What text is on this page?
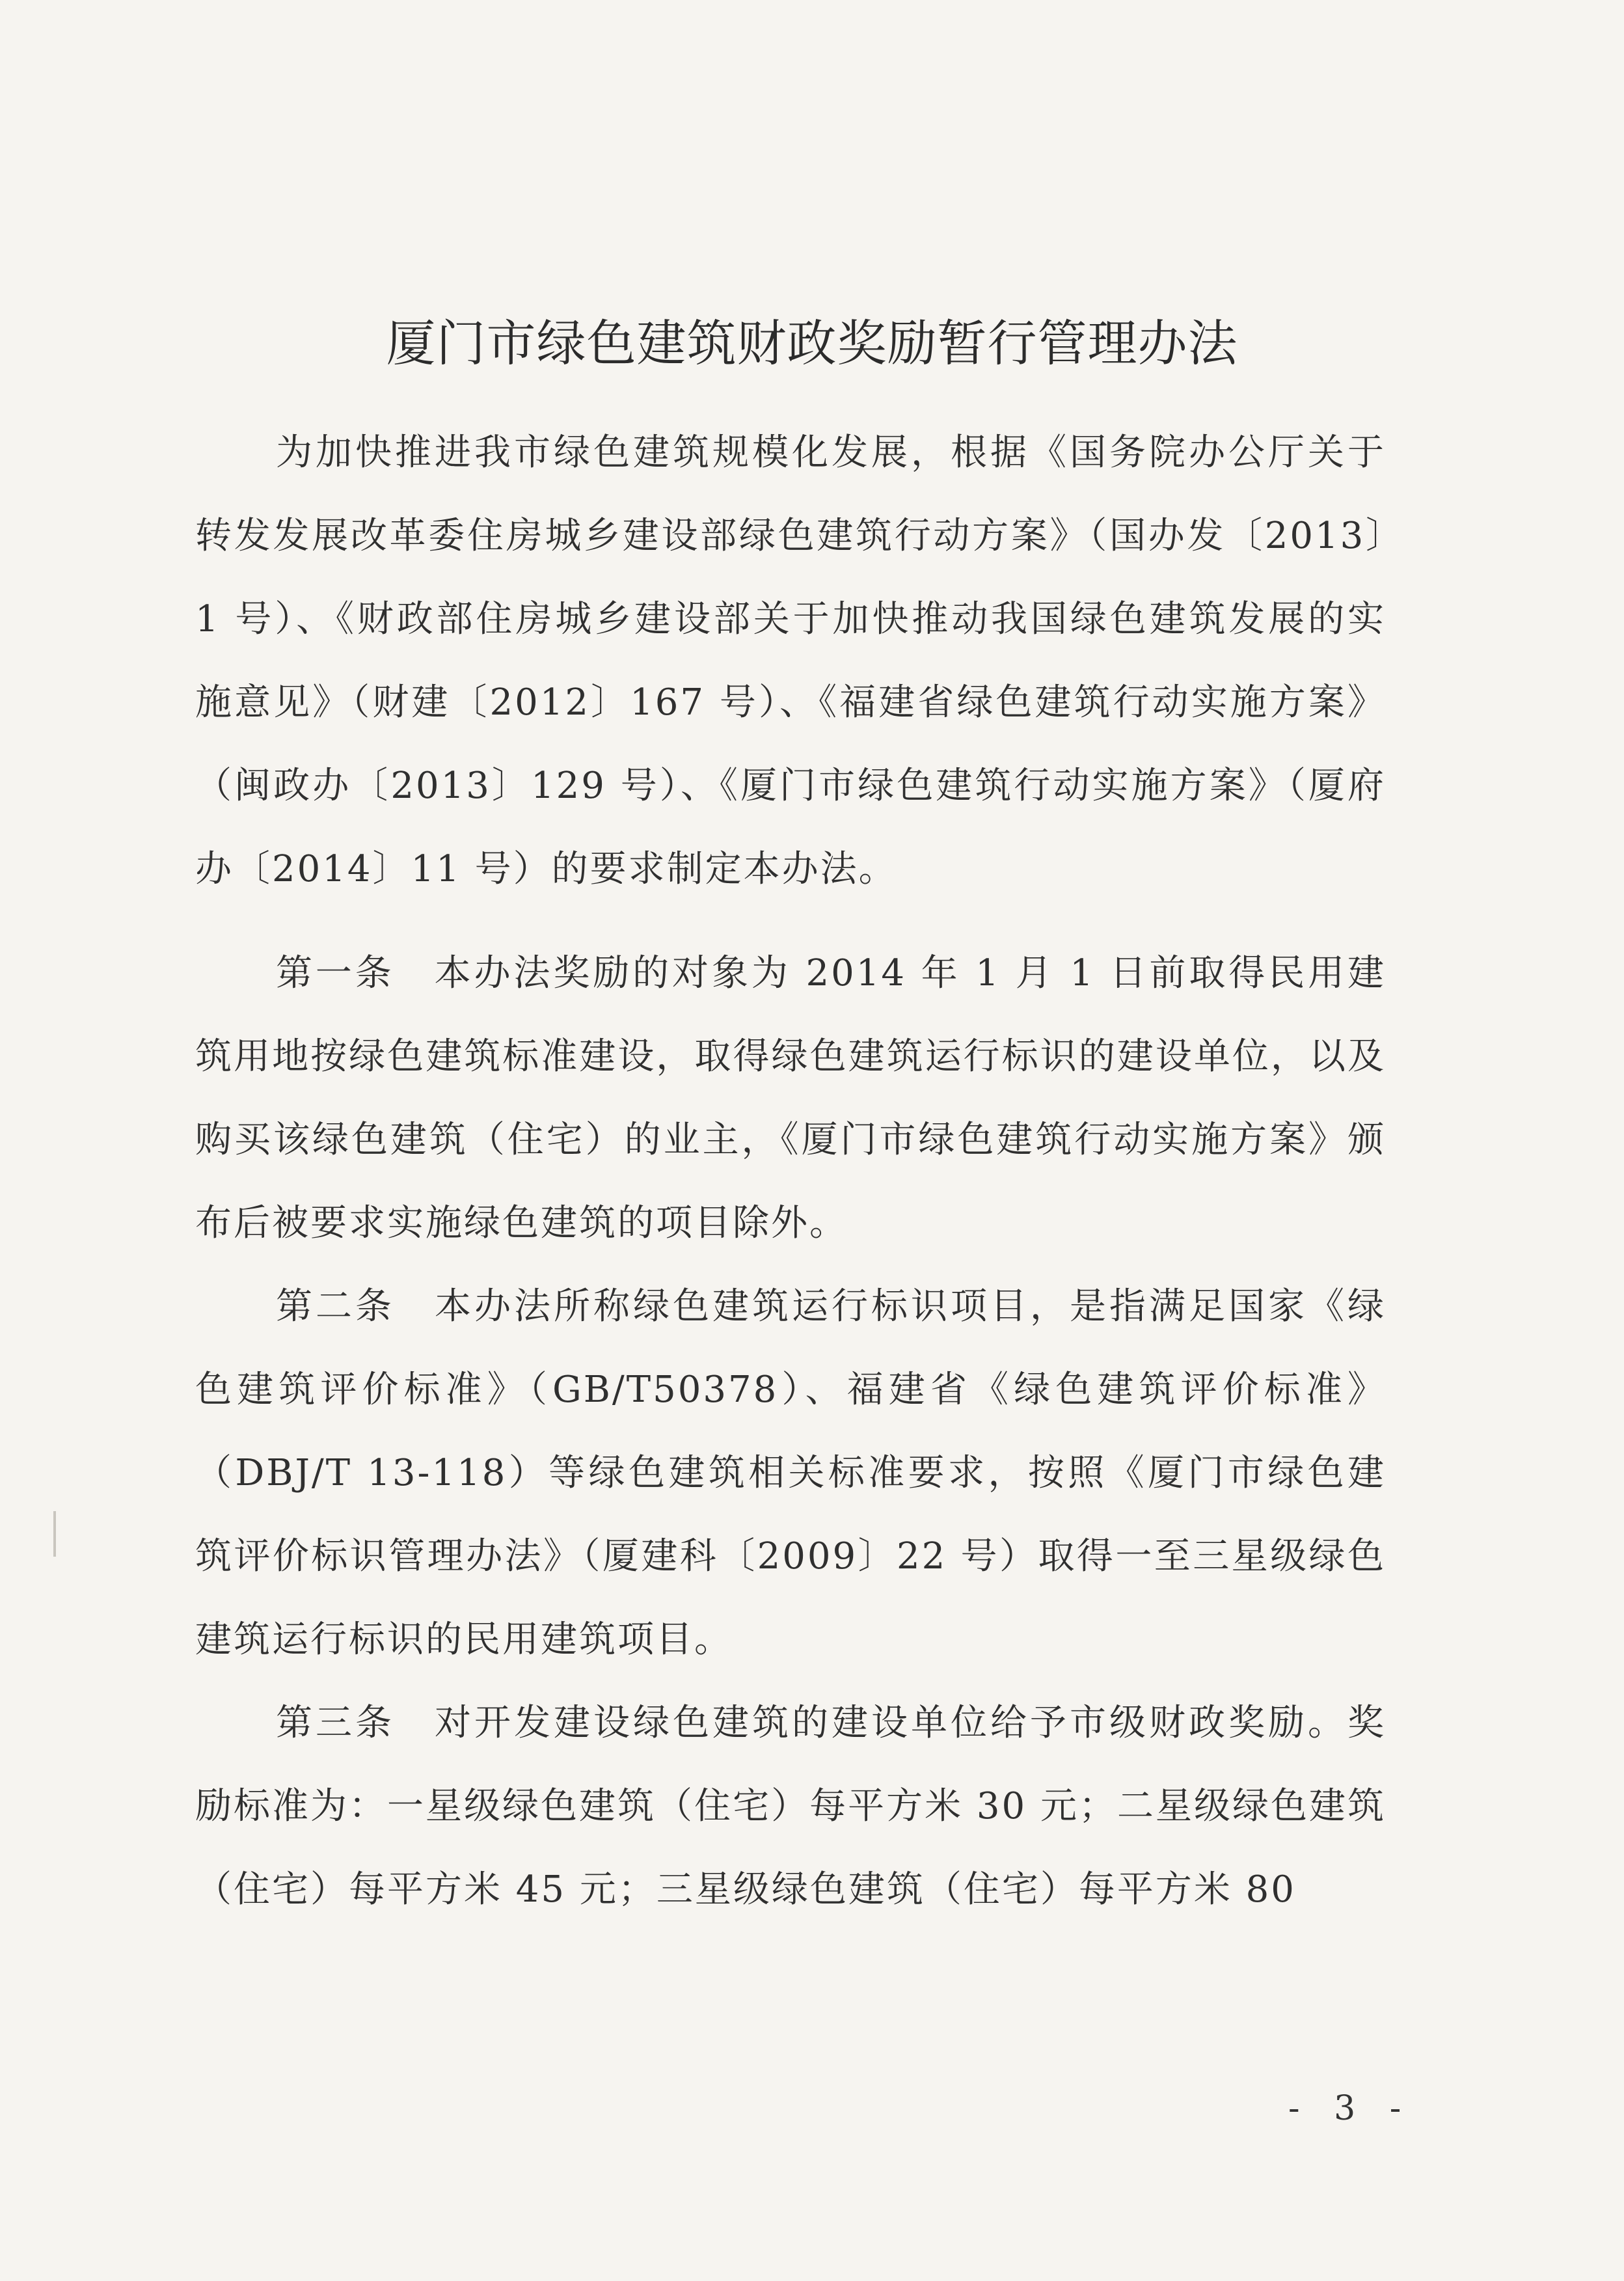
厦门市绿色建筑财政奖励暂行管理办法

为加快推进我市绿色建筑规模化发展，根据《国务院办公厅关于转发发展改革委住房城乡建设部绿色建筑行动方案》（国办发〔2013〕1 号）、《财政部住房城乡建设部关于加快推动我国绿色建筑发展的实施意见》（财建〔2012〕167 号）、《福建省绿色建筑行动实施方案》（闽政办〔2013〕129 号）、《厦门市绿色建筑行动实施方案》（厦府办〔2014〕11 号）的要求制定本办法。

第一条　本办法奖励的对象为 2014 年 1 月 1 日前取得民用建筑用地按绿色建筑标准建设，取得绿色建筑运行标识的建设单位，以及购买该绿色建筑（住宅）的业主，《厦门市绿色建筑行动实施方案》颁布后被要求实施绿色建筑的项目除外。

第二条　本办法所称绿色建筑运行标识项目，是指满足国家《绿色建筑评价标准》（GB/T50378）、福建省《绿色建筑评价标准》（DBJ/T 13-118）等绿色建筑相关标准要求，按照《厦门市绿色建筑评价标识管理办法》（厦建科〔2009〕22 号）取得一至三星级绿色建筑运行标识的民用建筑项目。

第三条　对开发建设绿色建筑的建设单位给予市级财政奖励。奖励标准为：一星级绿色建筑（住宅）每平方米 30 元；二星级绿色建筑（住宅）每平方米 45 元；三星级绿色建筑（住宅）每平方米 80

- 3 -
